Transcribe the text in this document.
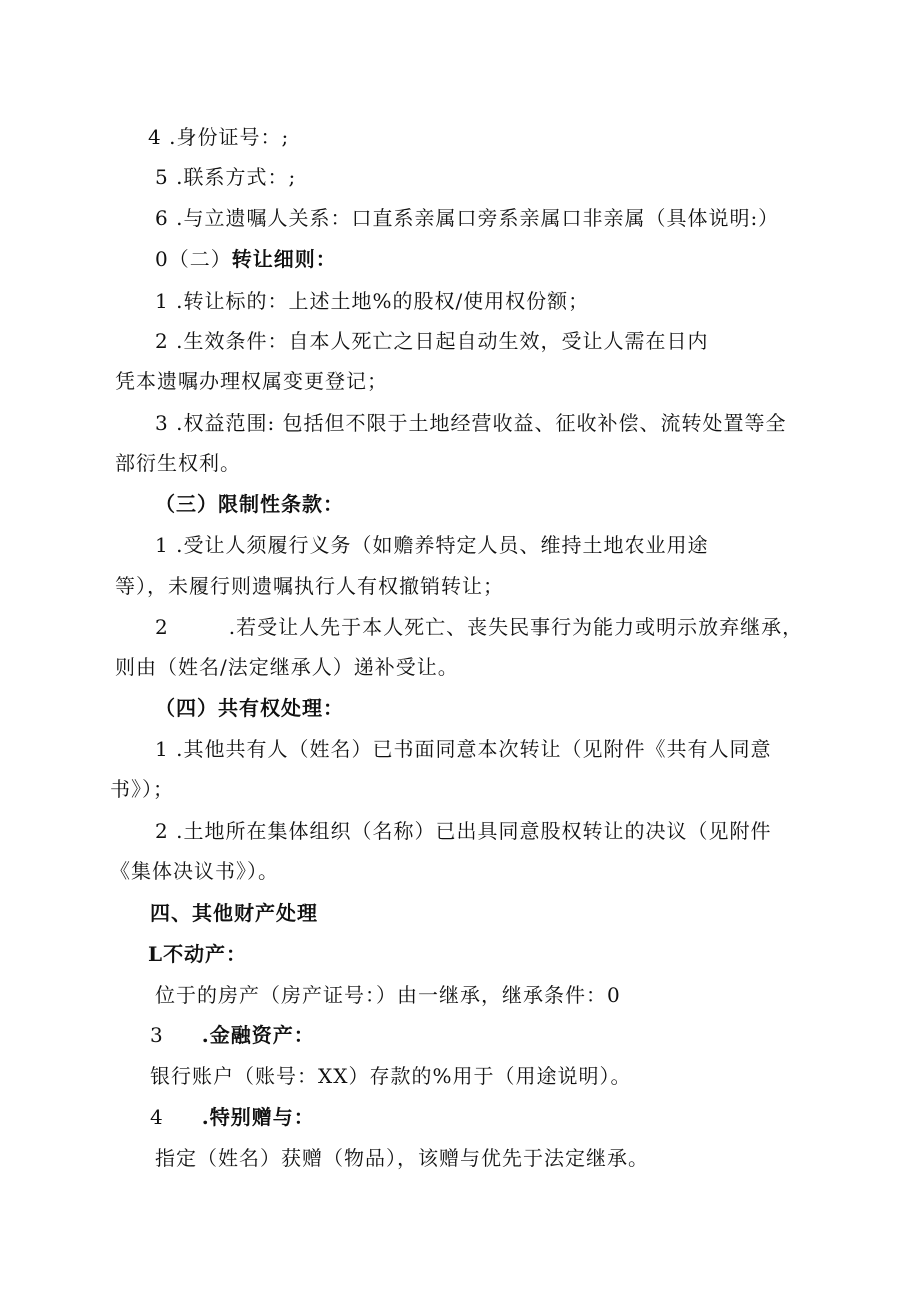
4 .身份证号：;
5 .联系方式：;
6 .与立遗嘱人关系：口直系亲属口旁系亲属口非亲属（具体说明:）
0（二）转让细则：
1 .转让标的：上述土地%的股权/使用权份额；
2 .生效条件：自本人死亡之日起自动生效，受让人需在日内
凭本遗嘱办理权属变更登记；
3 .权益范围: 包括但不限于土地经营收益、征收补偿、流转处置等全
部衍生权利。
（三）限制性条款：
1 .受让人须履行义务（如赡养特定人员、维持土地农业用途
等），未履行则遗嘱执行人有权撤销转让；
2	.若受让人先于本人死亡、丧失民事行为能力或明示放弃继承，
则由（姓名/法定继承人）递补受让。
（四）共有权处理：
1 .其他共有人（姓名）已书面同意本次转让（见附件《共有人同意
书》）；
2 .土地所在集体组织（名称）已出具同意股权转让的决议（见附件
《集体决议书》）。
四、其他财产处理
L不动产：
位于的房产（房产证号：）由一继承，继承条件：0
3 .金融资产：
银行账户（账号：XX）存款的%用于（用途说明）。
4 .特别赠与：
指定（姓名）获赠（物品），该赠与优先于法定继承。
